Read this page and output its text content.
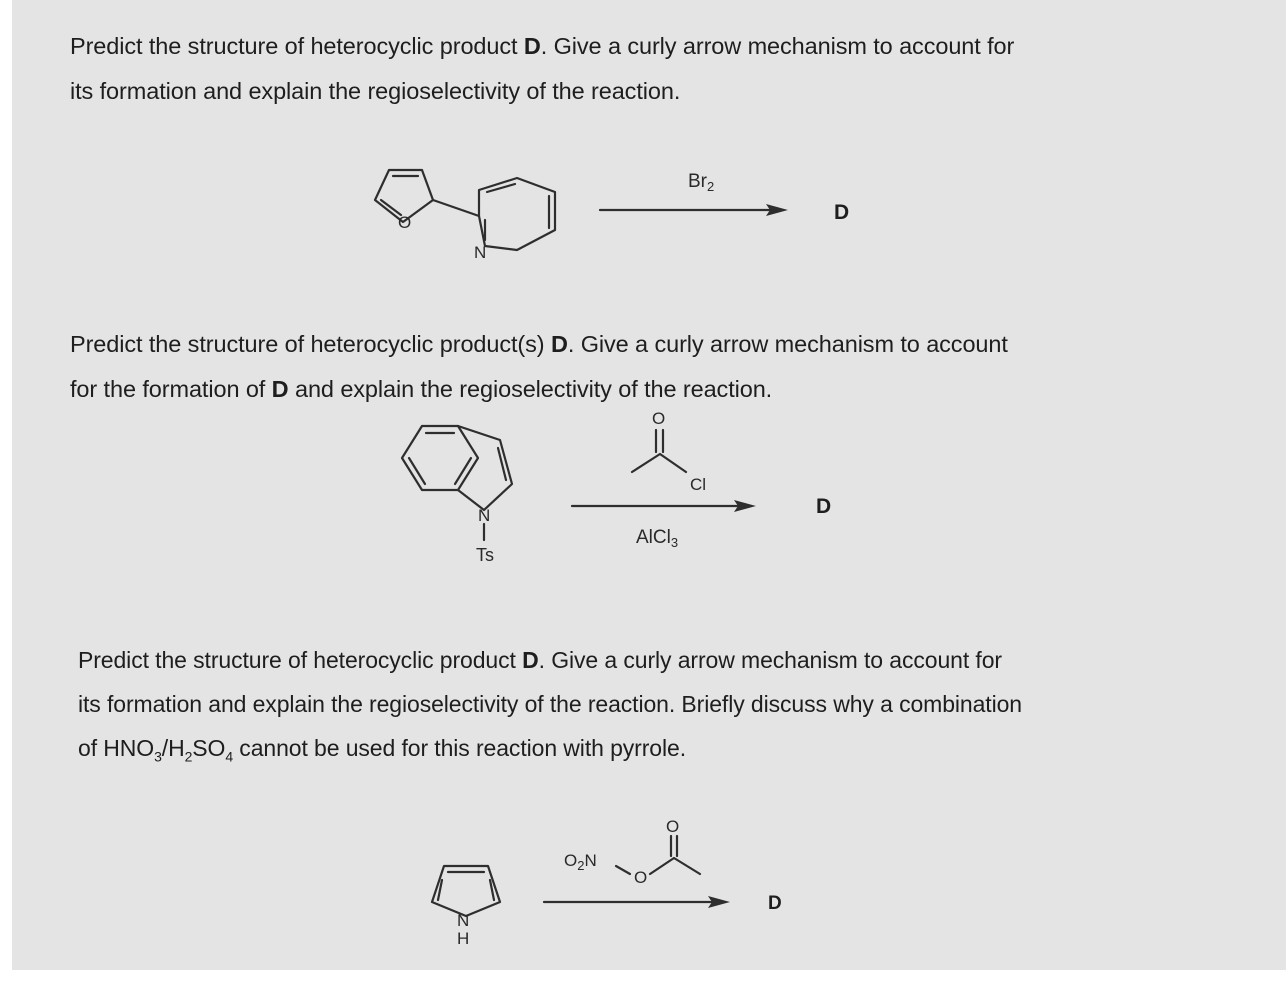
Predict the structure of heterocyclic product D. Give a curly arrow mechanism to account for
its formation and explain the regioselectivity of the reaction.

O
N
$Br_2$
D

Predict the structure of heterocyclic product(s) D. Give a curly arrow mechanism to account
for the formation of D and explain the regioselectivity of the reaction.

N
Ts
O
Cl
AlCl$_3$
D

Predict the structure of heterocyclic product D. Give a curly arrow mechanism to account for
its formation and explain the regioselectivity of the reaction. Briefly discuss why a combination
of $HNO_3/H_2SO_4$ cannot be used for this reaction with pyrrole.

N
H
$O_2N$
O
O
D
